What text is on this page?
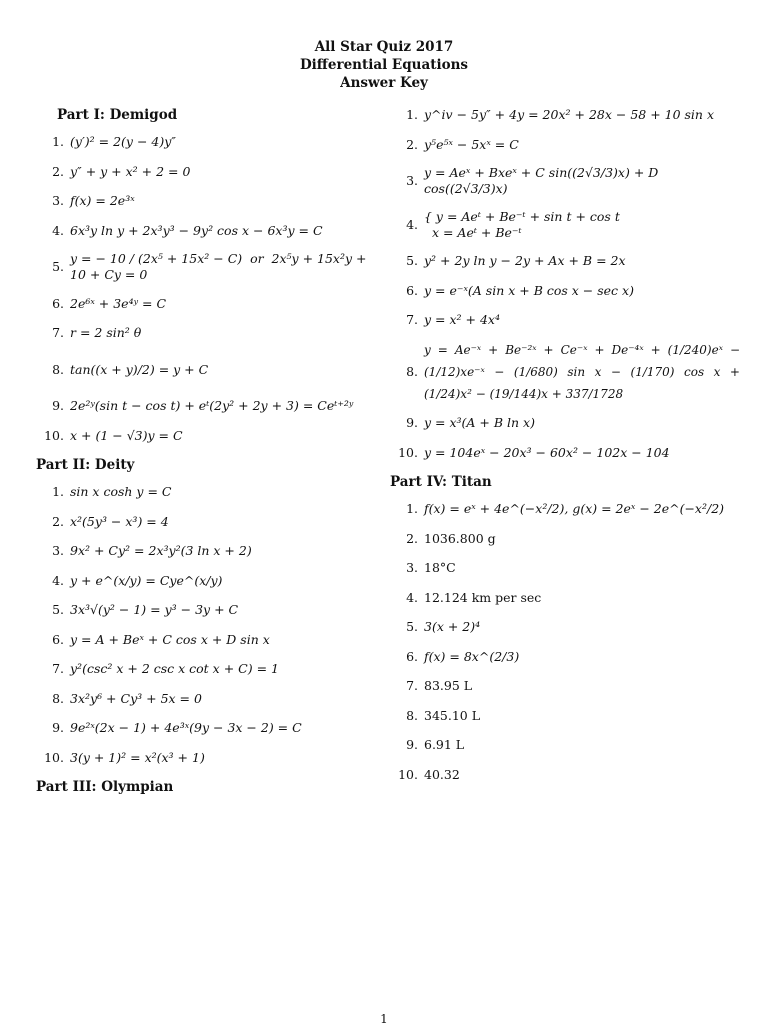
All Star Quiz 2017
Differential Equations
Answer Key
Part I: Demigod
1. (y′)² = 2(y − 4)y″
2. y″ + y + x² + 2 = 0
3. f(x) = 2e³ˣ
4. 6x³y ln y + 2x³y³ − 9y² cos x − 6x³y = C
5.
y = − 10 / (2x⁵ + 15x² − C)  or  2x⁵y + 15x²y + 10 + Cy = 0
6. 2e⁶ˣ + 3e⁴ʸ = C
7. r = 2 sin² θ
8. tan((x + y)/2) = y + C
9. 2e²ʸ(sin t − cos t) + eᵗ(2y² + 2y + 3) = Ceᵗ⁺²ʸ
10. x + (1 − √3)y = C
Part II: Deity
1. sin x cosh y = C
2. x²(5y³ − x³) = 4
3. 9x² + Cy² = 2x³y²(3 ln x + 2)
4. y + e^(x/y) = Cye^(x/y)
5. 3x³√(y² − 1) = y³ − 3y + C
6. y = A + Beˣ + C cos x + D sin x
7. y²(csc² x + 2 csc x cot x + C) = 1
8. 3x²y⁶ + Cy³ + 5x = 0
9. 9e²ˣ(2x − 1) + 4e³ˣ(9y − 3x − 2) = C
10. 3(y + 1)² = x²(x³ + 1)
Part III: Olympian
1. y^iv − 5y″ + 4y = 20x² + 28x − 58 + 10 sin x
2. y⁵e⁵ˣ − 5xˣ = C
3.
y = Aeˣ + Bxeˣ + C sin((2√3/3)x) + D cos((2√3/3)x)
4.
{ y = Aeᵗ + Be⁻ᵗ + sin t + cos t
x = Aeᵗ + Be⁻ᵗ
5. y² + 2y ln y − 2y + Ax + B = 2x
6. y = e⁻ˣ(A sin x + B cos x − sec x)
7. y = x² + 4x⁴
8.
y = Ae⁻ˣ + Be⁻²ˣ + Ce⁻ˣ + De⁻⁴ˣ + (1/240)eˣ − (1/12)xe⁻ˣ − (1/680) sin x − (1/170) cos x + (1/24)x² − (19/144)x + 337/1728
9. y = x³(A + B ln x)
10. y = 104eˣ − 20x³ − 60x² − 102x − 104
Part IV: Titan
1. f(x) = eˣ + 4e^(−x²/2), g(x) = 2eˣ − 2e^(−x²/2)
2. 1036.800 g
3. 18°C
4. 12.124 km per sec
5. 3(x + 2)⁴
6. f(x) = 8x^(2/3)
7. 83.95 L
8. 345.10 L
9. 6.91 L
10. 40.32
1
